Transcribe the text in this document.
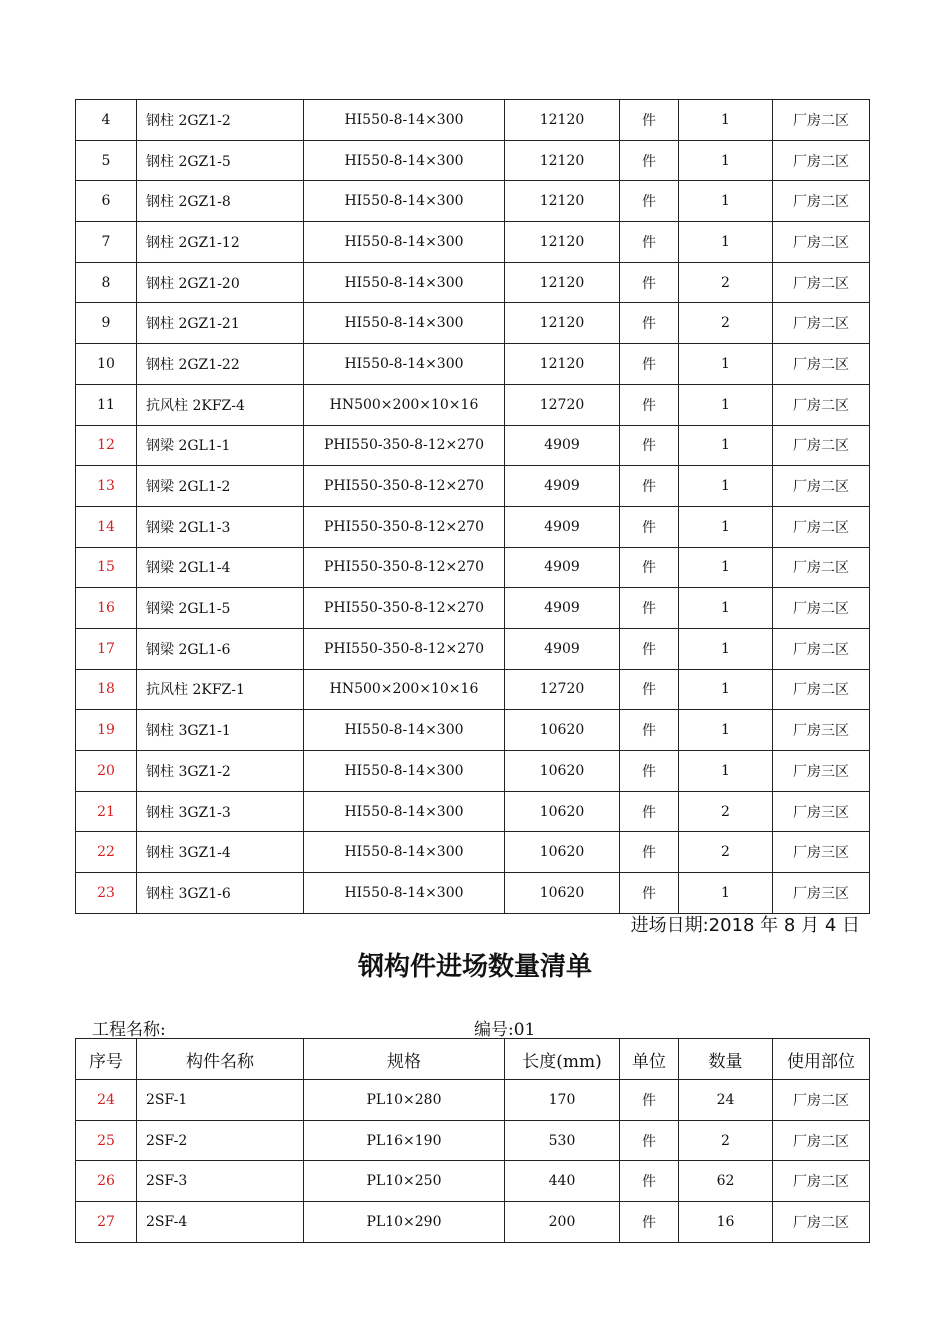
4	钢柱 2GZ1-2	HI550-8-14×300	12120	件	1	厂房二区
5	钢柱 2GZ1-5	HI550-8-14×300	12120	件	1	厂房二区
6	钢柱 2GZ1-8	HI550-8-14×300	12120	件	1	厂房二区
7	钢柱 2GZ1-12	HI550-8-14×300	12120	件	1	厂房二区
8	钢柱 2GZ1-20	HI550-8-14×300	12120	件	2	厂房二区
9	钢柱 2GZ1-21	HI550-8-14×300	12120	件	2	厂房二区
10	钢柱 2GZ1-22	HI550-8-14×300	12120	件	1	厂房二区
11	抗风柱 2KFZ-4	HN500×200×10×16	12720	件	1	厂房二区
12	钢梁 2GL1-1	PHI550-350-8-12×270	4909	件	1	厂房二区
13	钢梁 2GL1-2	PHI550-350-8-12×270	4909	件	1	厂房二区
14	钢梁 2GL1-3	PHI550-350-8-12×270	4909	件	1	厂房二区
15	钢梁 2GL1-4	PHI550-350-8-12×270	4909	件	1	厂房二区
16	钢梁 2GL1-5	PHI550-350-8-12×270	4909	件	1	厂房二区
17	钢梁 2GL1-6	PHI550-350-8-12×270	4909	件	1	厂房二区
18	抗风柱 2KFZ-1	HN500×200×10×16	12720	件	1	厂房二区
19	钢柱 3GZ1-1	HI550-8-14×300	10620	件	1	厂房三区
20	钢柱 3GZ1-2	HI550-8-14×300	10620	件	1	厂房三区
21	钢柱 3GZ1-3	HI550-8-14×300	10620	件	2	厂房三区
22	钢柱 3GZ1-4	HI550-8-14×300	10620	件	2	厂房三区
23	钢柱 3GZ1-6	HI550-8-14×300	10620	件	1	厂房三区
进场日期:2018 年 8 月 4 日
钢构件进场数量清单
工程名称:	编号:01
序号	构件名称	规格	长度(mm)	单位	数量	使用部位
24	2SF-1	PL10×280	170	件	24	厂房二区
25	2SF-2	PL16×190	530	件	2	厂房二区
26	2SF-3	PL10×250	440	件	62	厂房二区
27	2SF-4	PL10×290	200	件	16	厂房二区
